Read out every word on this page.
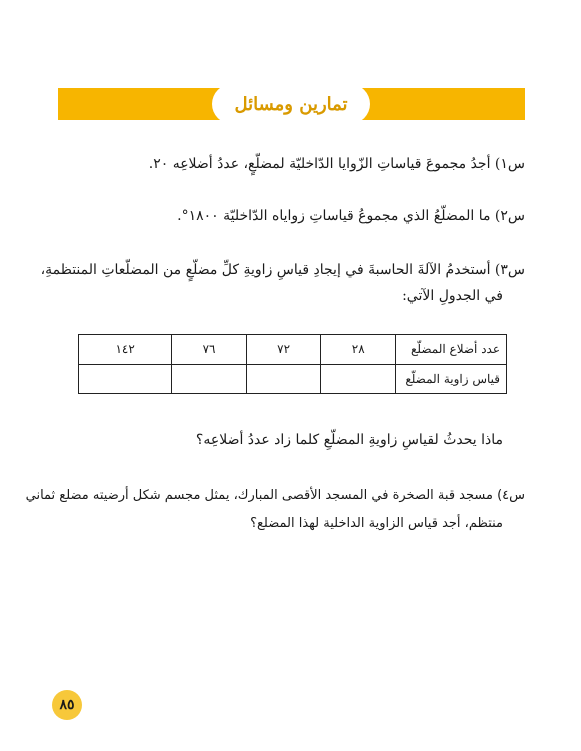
تمارين ومسائل
س١) أجدُ مجموعَ قياساتِ الزّوايا الدّاخليّة لمضلّعٍ، عددُ أضلاعِه ٢٠.
س٢) ما المضلّعُ الذي مجموعُ قياساتِ زواياه الدّاخليّة ١٨٠٠°.
س٣) أستخدمُ الآلةَ الحاسبةَ في إيجادِ قياسِ زاويةِ كلِّ مضلّعٍ من المضلّعاتِ المنتظمةِ،
في الجدولِ الآتي:
عدد أضلاع المضلّع	٢٨	٧٢	٧٦	١٤٢
قياس زاوية المضلّع				
ماذا يحدثُ لقياسِ زاويةِ المضلّعِ كلما زاد عددُ أضلاعِه؟
س٤) مسجد قبة الصخرة في المسجد الأقصى المبارك، يمثل مجسم شكل أرضيته مضلع ثماني
منتظم، أجد قياس الزاوية الداخلية لهذا المضلع؟
٨٥
